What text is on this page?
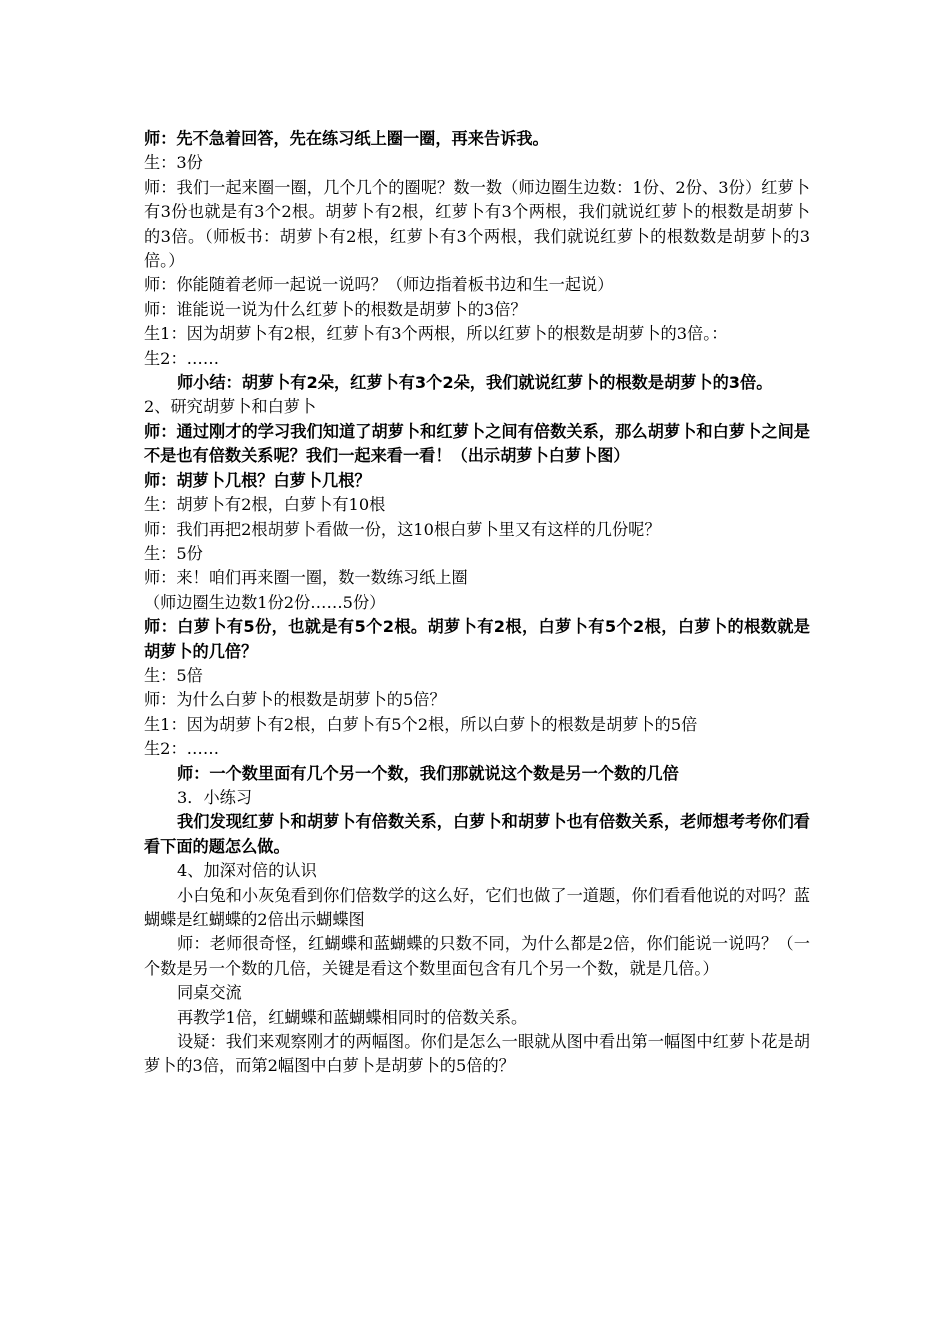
师：先不急着回答，先在练习纸上圈一圈，再来告诉我。

生：3份

师：我们一起来圈一圈，几个几个的圈呢？数一数（师边圈生边数：1份、2份、3份）红萝卜有3份也就是有3个2根。胡萝卜有2根，红萝卜有3个两根，我们就说红萝卜的根数是胡萝卜的3倍。（师板书：胡萝卜有2根，红萝卜有3个两根，我们就说红萝卜的根数数是胡萝卜的3倍。）

师：你能随着老师一起说一说吗？（师边指着板书边和生一起说）

师：谁能说一说为什么红萝卜的根数是胡萝卜的3倍？

生1：因为胡萝卜有2根，红萝卜有3个两根，所以红萝卜的根数是胡萝卜的3倍。：

生2：……

师小结：胡萝卜有2朵，红萝卜有3个2朵，我们就说红萝卜的根数是胡萝卜的3倍。

2、研究胡萝卜和白萝卜

师：通过刚才的学习我们知道了胡萝卜和红萝卜之间有倍数关系，那么胡萝卜和白萝卜之间是不是也有倍数关系呢？我们一起来看一看！（出示胡萝卜白萝卜图）

师：胡萝卜几根？白萝卜几根？

生：胡萝卜有2根，白萝卜有10根

师：我们再把2根胡萝卜看做一份，这10根白萝卜里又有这样的几份呢？

生：5份

师：来！咱们再来圈一圈，数一数练习纸上圈

（师边圈生边数1份2份……5份）

师：白萝卜有5份，也就是有5个2根。胡萝卜有2根，白萝卜有5个2根，白萝卜的根数就是胡萝卜的几倍？

生：5倍

师：为什么白萝卜的根数是胡萝卜的5倍？

生1：因为胡萝卜有2根，白萝卜有5个2根，所以白萝卜的根数是胡萝卜的5倍

生2：……

师：一个数里面有几个另一个数，我们那就说这个数是另一个数的几倍

3．小练习

我们发现红萝卜和胡萝卜有倍数关系，白萝卜和胡萝卜也有倍数关系，老师想考考你们看看下面的题怎么做。

4、加深对倍的认识

小白兔和小灰兔看到你们倍数学的这么好，它们也做了一道题，你们看看他说的对吗？蓝蝴蝶是红蝴蝶的2倍出示蝴蝶图

师：老师很奇怪，红蝴蝶和蓝蝴蝶的只数不同，为什么都是2倍，你们能说一说吗？（一个数是另一个数的几倍，关键是看这个数里面包含有几个另一个数，就是几倍。）

同桌交流

再教学1倍，红蝴蝶和蓝蝴蝶相同时的倍数关系。

设疑：我们来观察刚才的两幅图。你们是怎么一眼就从图中看出第一幅图中红萝卜花是胡萝卜的3倍，而第2幅图中白萝卜是胡萝卜的5倍的？
